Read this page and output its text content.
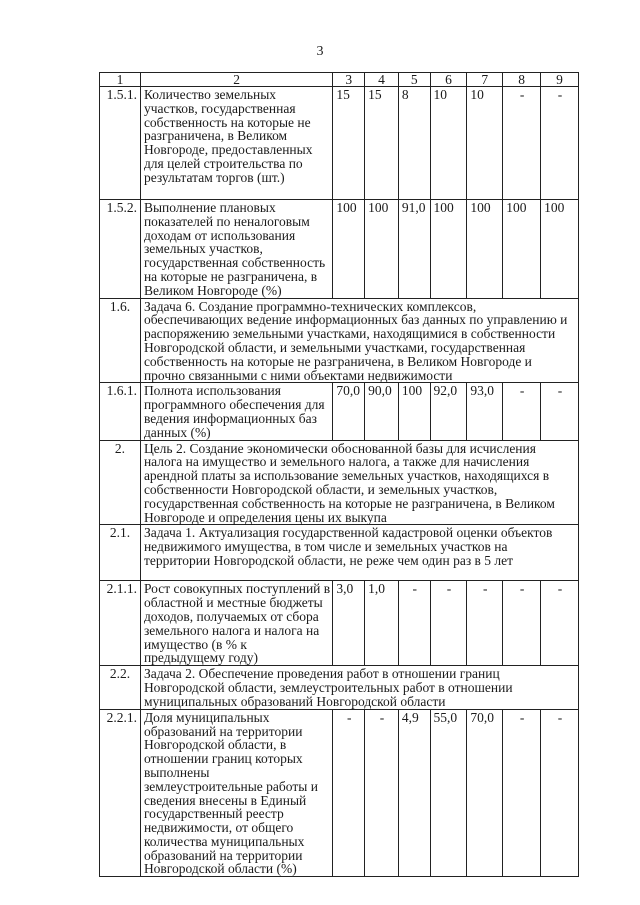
3
1	2	3	4	5	6	7	8	9
1.5.1.	Количество земельных участков, государственная собственность на которые не разграничена, в Великом Новгороде, предоставленных для целей строительства по результатам торгов (шт.)	15	15	8	10	10	-	-
1.5.2.	Выполнение плановых показателей по неналоговым доходам от использования земельных участков, государственная собственность на которые не разграничена, в Великом Новгороде (%)	100	100	91,0	100	100	100	100
1.6.	Задача 6. Создание программно-технических комплексов, обеспечивающих ведение информационных баз данных по управлению и распоряжению земельными участками, находящимися в собственности Новгородской области, и земельными участками, государственная собственность на которые не разграничена, в Великом Новгороде и прочно связанными с ними объектами недвижимости							
1.6.1.	Полнота использования программного обеспечения для ведения информационных баз данных (%)	70,0	90,0	100	92,0	93,0	-	-
2.	Цель 2. Создание экономически обоснованной базы для исчисления налога на имущество и земельного налога, а также для начисления арендной платы за использование земельных участков, находящихся в собственности Новгородской области, и земельных участков, государственная собственность на которые не разграничена, в Великом Новгороде и определения цены их выкупа							
2.1.	Задача 1. Актуализация государственной кадастровой оценки объектов недвижимого имущества, в том числе и земельных участков на территории Новгородской области, не реже чем один раз в 5 лет							
2.1.1.	Рост совокупных поступлений в областной и местные бюджеты доходов, получаемых от сбора земельного налога и налога на имущество (в % к предыдущему году)	3,0	1,0	-	-	-	-	-
2.2.	Задача 2. Обеспечение проведения работ в отношении границ Новгородской области, землеустроительных работ в отношении муниципальных образований Новгородской области							
2.2.1.	Доля муниципальных образований на территории Новгородской области, в отношении границ которых выполнены землеустроительные работы и сведения внесены в Единый государственный реестр недвижимости, от общего количества муниципальных образований на территории Новгородской области (%)	-	-	4,9	55,0	70,0	-	-
